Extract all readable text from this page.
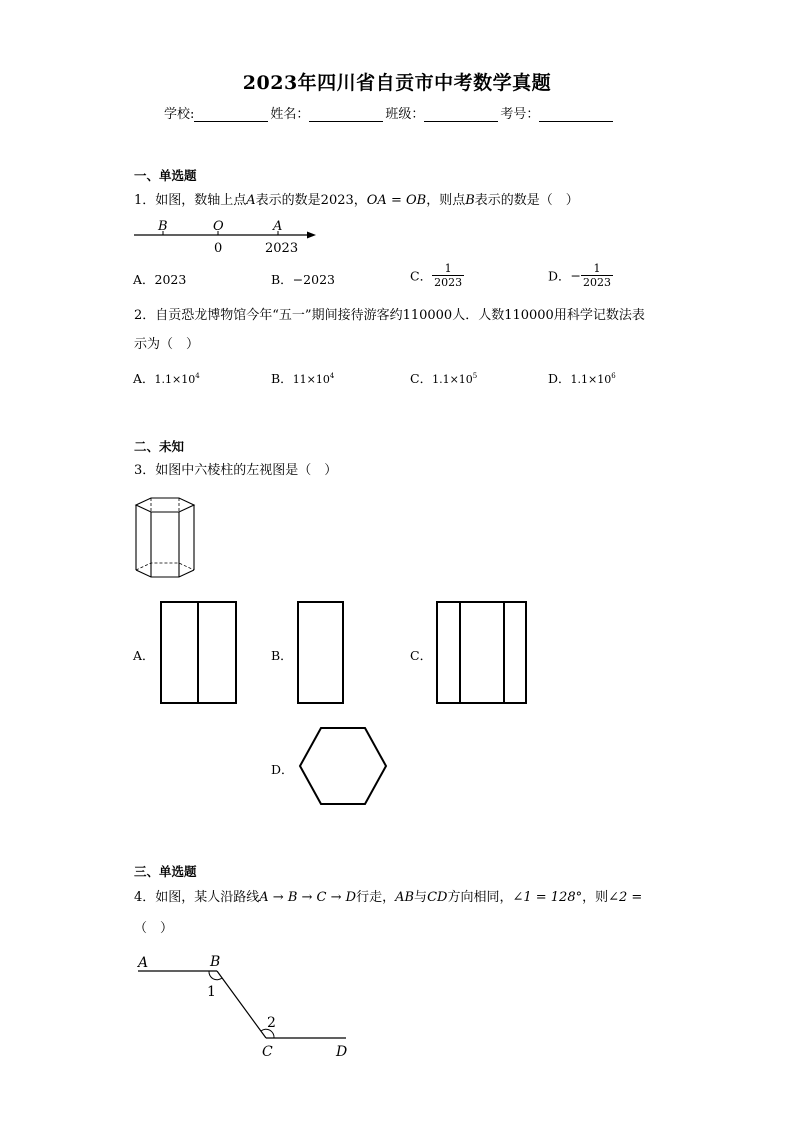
2023年四川省自贡市中考数学真题
学校:	姓名：	班级：	考号：
一、单选题
1．如图，数轴上点A表示的数是2023，OA = OB，则点B表示的数是（　）
B	O	A
0	2023
A．2023	B．−2023	C． $\frac{1}{2023}$	D．− $\frac{1}{2023}$
2．自贡恐龙博物馆今年“五一”期间接待游客约110000人．人数110000用科学记数法表
示为（　）
A．$1.1\times 10^4$	B．$11\times 10^4$	C．$1.1\times 10^5$	D．$1.1\times 10^6$
二、未知
3．如图中六棱柱的左视图是（　）
A．	B．	C．
D．
三、单选题
4．如图，某人沿路线A → B → C → D行走，AB与CD方向相同，∠1 = 128°，则∠2 =
（　）
A	B
C	D
1
2
